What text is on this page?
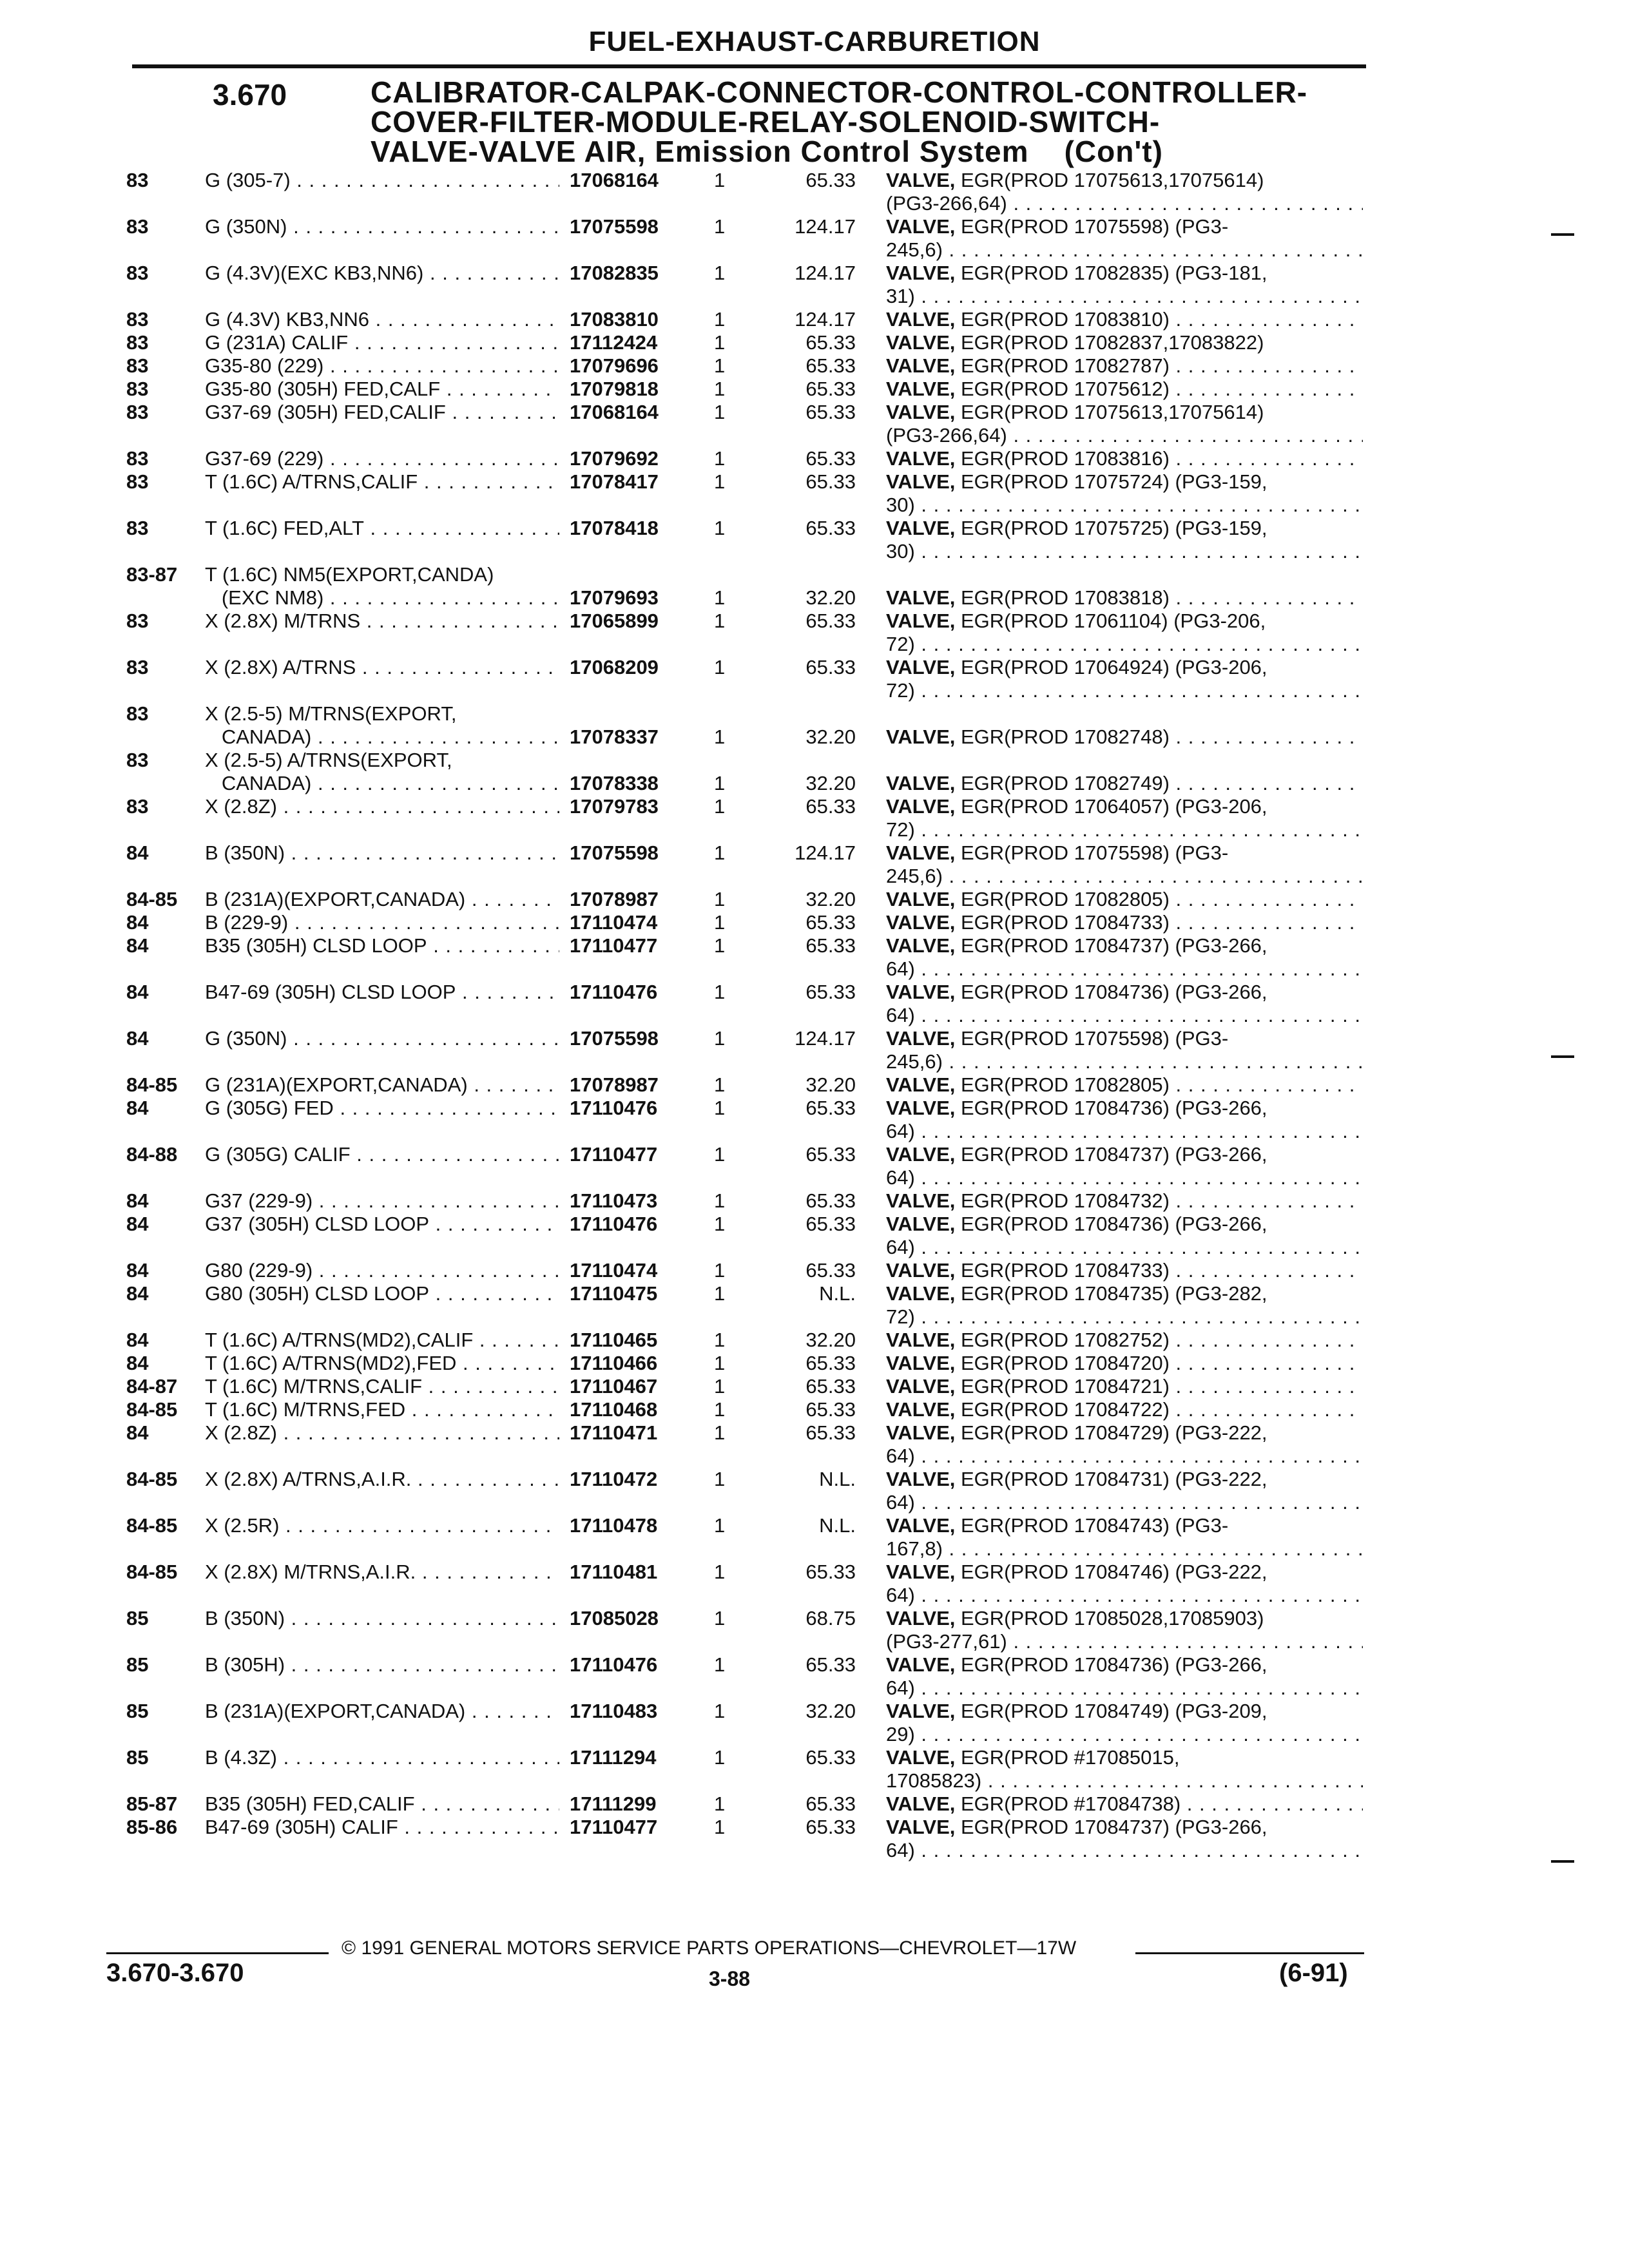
FUEL-EXHAUST-CARBURETION
3.670	CALIBRATOR-CALPAK-CONNECTOR-CONTROL-CONTROLLER-
COVER-FILTER-MODULE-RELAY-SOLENOID-SWITCH-
VALVE-VALVE AIR, Emission Control System (Con't)
83	G (305-7) . . .	17068164	1	65.33 VALVE, EGR(PROD 17075613,17075614)
(PG3-266,64) . . .
83	G (350N) . . .	17075598	1	124.17 VALVE, EGR(PROD 17075598) (PG3-
245,6) . . .
83	G (4.3V)(EXC KB3,NN6) . . .	17082835	1	124.17 VALVE, EGR(PROD 17082835) (PG3-181,
31) . . .
83	G (4.3V) KB3,NN6 . . .	17083810	1	124.17 VALVE, EGR(PROD 17083810) . . .
83	G (231A) CALIF . . .	17112424	1	65.33 VALVE, EGR(PROD 17082837,17083822)
83	G35-80 (229) . . .	17079696	1	65.33 VALVE, EGR(PROD 17082787) . . .
83	G35-80 (305H) FED,CALF . . .	17079818	1	65.33 VALVE, EGR(PROD 17075612) . . .
83	G37-69 (305H) FED,CALIF . . .	17068164	1	65.33 VALVE, EGR(PROD 17075613,17075614)
(PG3-266,64) . . .
83	G37-69 (229) . . .	17079692	1	65.33 VALVE, EGR(PROD 17083816) . . .
83	T (1.6C) A/TRNS,CALIF . . .	17078417	1	65.33 VALVE, EGR(PROD 17075724) (PG3-159,
30) . . .
83	T (1.6C) FED,ALT . . .	17078418	1	65.33 VALVE, EGR(PROD 17075725) (PG3-159,
30) . . .
83-87 T (1.6C) NM5(EXPORT,CANDA)
(EXC NM8) . . .	17079693	1	32.20 VALVE, EGR(PROD 17083818) . . .
83	X (2.8X) M/TRNS . . .	17065899	1	65.33 VALVE, EGR(PROD 17061104) (PG3-206,
72) . . .
83	X (2.8X) A/TRNS . . .	17068209	1	65.33 VALVE, EGR(PROD 17064924) (PG3-206,
72) . . .
83	X (2.5-5) M/TRNS(EXPORT,
CANADA) . . .	17078337	1	32.20 VALVE, EGR(PROD 17082748) . . .
83	X (2.5-5) A/TRNS(EXPORT,
CANADA) . . .	17078338	1	32.20 VALVE, EGR(PROD 17082749) . . .
83	X (2.8Z) . . .	17079783	1	65.33 VALVE, EGR(PROD 17064057) (PG3-206,
72) . . .
84	B (350N) . . .	17075598	1	124.17 VALVE, EGR(PROD 17075598) (PG3-
245,6) . . .
84-85 B (231A)(EXPORT,CANADA) . . .	17078987	1	32.20 VALVE, EGR(PROD 17082805) . . .
84	B (229-9) . . .	17110474	1	65.33 VALVE, EGR(PROD 17084733) . . .
84	B35 (305H) CLSD LOOP . . .	17110477	1	65.33 VALVE, EGR(PROD 17084737) (PG3-266,
64) . . .
84	B47-69 (305H) CLSD LOOP . . .	17110476	1	65.33 VALVE, EGR(PROD 17084736) (PG3-266,
64) . . .
84	G (350N) . . .	17075598	1	124.17 VALVE, EGR(PROD 17075598) (PG3-
245,6) . . .
84-85 G (231A)(EXPORT,CANADA) . . .	17078987	1	32.20 VALVE, EGR(PROD 17082805) . . .
84	G (305G) FED . . .	17110476	1	65.33 VALVE, EGR(PROD 17084736) (PG3-266,
64) . . .
84-88 G (305G) CALIF . . .	17110477	1	65.33 VALVE, EGR(PROD 17084737) (PG3-266,
64) . . .
84	G37 (229-9) . . .	17110473	1	65.33 VALVE, EGR(PROD 17084732) . . .
84	G37 (305H) CLSD LOOP . . .	17110476	1	65.33 VALVE, EGR(PROD 17084736) (PG3-266,
64) . . .
84	G80 (229-9) . . .	17110474	1	65.33 VALVE, EGR(PROD 17084733) . . .
84	G80 (305H) CLSD LOOP . . .	17110475	1	N.L. VALVE, EGR(PROD 17084735) (PG3-282,
72) . . .
84	T (1.6C) A/TRNS(MD2),CALIF . . .	17110465	1	32.20 VALVE, EGR(PROD 17082752) . . .
84	T (1.6C) A/TRNS(MD2),FED . . .	17110466	1	65.33 VALVE, EGR(PROD 17084720) . . .
84-87 T (1.6C) M/TRNS,CALIF . . .	17110467	1	65.33 VALVE, EGR(PROD 17084721) . . .
84-85 T (1.6C) M/TRNS,FED . . .	17110468	1	65.33 VALVE, EGR(PROD 17084722) . . .
84	X (2.8Z) . . .	17110471	1	65.33 VALVE, EGR(PROD 17084729) (PG3-222,
64) . . .
84-85 X (2.8X) A/TRNS,A.I.R. . . .	17110472	1	N.L. VALVE, EGR(PROD 17084731) (PG3-222,
64) . . .
84-85 X (2.5R) . . .	17110478	1	N.L. VALVE, EGR(PROD 17084743) (PG3-
167,8) . . .
84-85 X (2.8X) M/TRNS,A.I.R. . . .	17110481	1	65.33 VALVE, EGR(PROD 17084746) (PG3-222,
64) . . .
85	B (350N) . . .	17085028	1	68.75 VALVE, EGR(PROD 17085028,17085903)
(PG3-277,61) . . .
85	B (305H) . . .	17110476	1	65.33 VALVE, EGR(PROD 17084736) (PG3-266,
64) . . .
85	B (231A)(EXPORT,CANADA) . . .	17110483	1	32.20 VALVE, EGR(PROD 17084749) (PG3-209,
29) . . .
85	B (4.3Z) . . .	17111294	1	65.33 VALVE, EGR(PROD #17085015,
17085823) . . .
85-87 B35 (305H) FED,CALIF . . .	17111299	1	65.33 VALVE, EGR(PROD #17084738) . . .
85-86 B47-69 (305H) CALIF . . .	17110477	1	65.33 VALVE, EGR(PROD 17084737) (PG3-266,
64) . . .
© 1991 GENERAL MOTORS SERVICE PARTS OPERATIONS—CHEVROLET—17W
3.670-3.670	3-88	(6-91)
